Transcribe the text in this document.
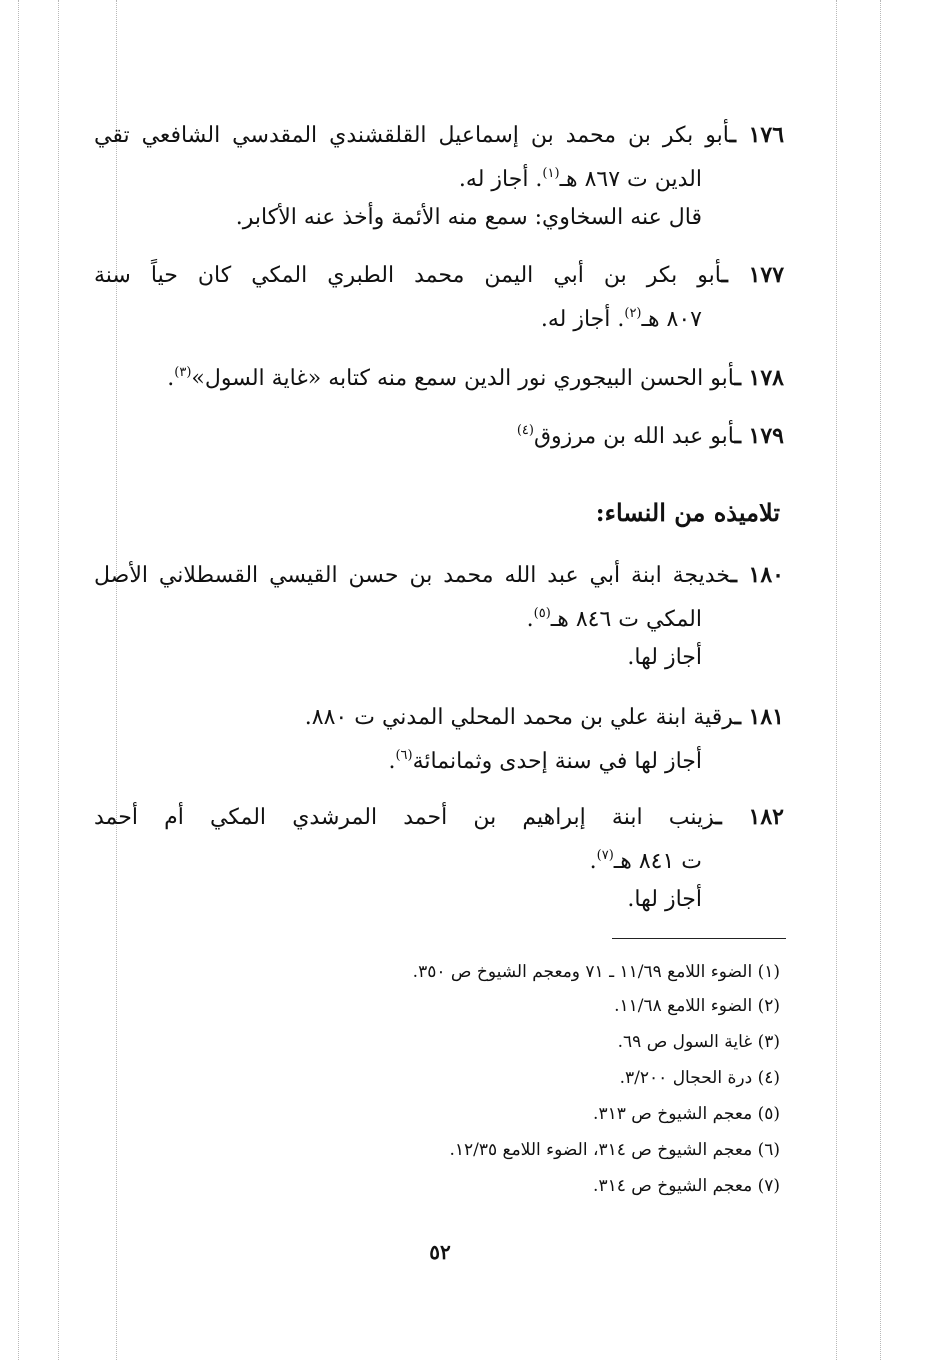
١٧٦ ـأبو بكر بن محمد بن إسماعيل القلقشندي المقدسي الشافعي تقي
الدين ت ٨٦٧ هـ$^{(١)}$. أجاز له.
قال عنه السخاوي: سمع منه الأئمة وأخذ عنه الأكابر.
١٧٧ ـأبو بكر بن أبي اليمن محمد الطبري المكي كان حياً سنة
٨٠٧ هـ$^{(٢)}$. أجاز له.
١٧٨ ـأبو الحسن البيجوري نور الدين سمع منه كتابه «غاية السول»$^{(٣)}$.
١٧٩ ـأبو عبد الله بن مرزوق$^{(٤)}$
تلاميذه من النساء:
١٨٠ ـخديجة ابنة أبي عبد الله محمد بن حسن القيسي القسطلاني الأصل
المكي ت ٨٤٦ هـ$^{(٥)}$.
أجاز لها.
١٨١ ـرقية ابنة علي بن محمد المحلي المدني ت ٨٨٠.
أجاز لها في سنة إحدى وثمانمائة$^{(٦)}$.
١٨٢ ـزينب ابنة إبراهيم بن أحمد المرشدي المكي أم أحمد
ت ٨٤١ هـ$^{(٧)}$.
أجاز لها.
(١) الضوء اللامع ١١/٦٩ ـ ٧١ ومعجم الشيوخ ص ٣٥٠.
(٢) الضوء اللامع ١١/٦٨.
(٣) غاية السول ص ٦٩.
(٤) درة الحجال ٣/٢٠٠.
(٥) معجم الشيوخ ص ٣١٣.
(٦) معجم الشيوخ ص ٣١٤، الضوء اللامع ١٢/٣٥.
(٧) معجم الشيوخ ص ٣١٤.
٥٢
